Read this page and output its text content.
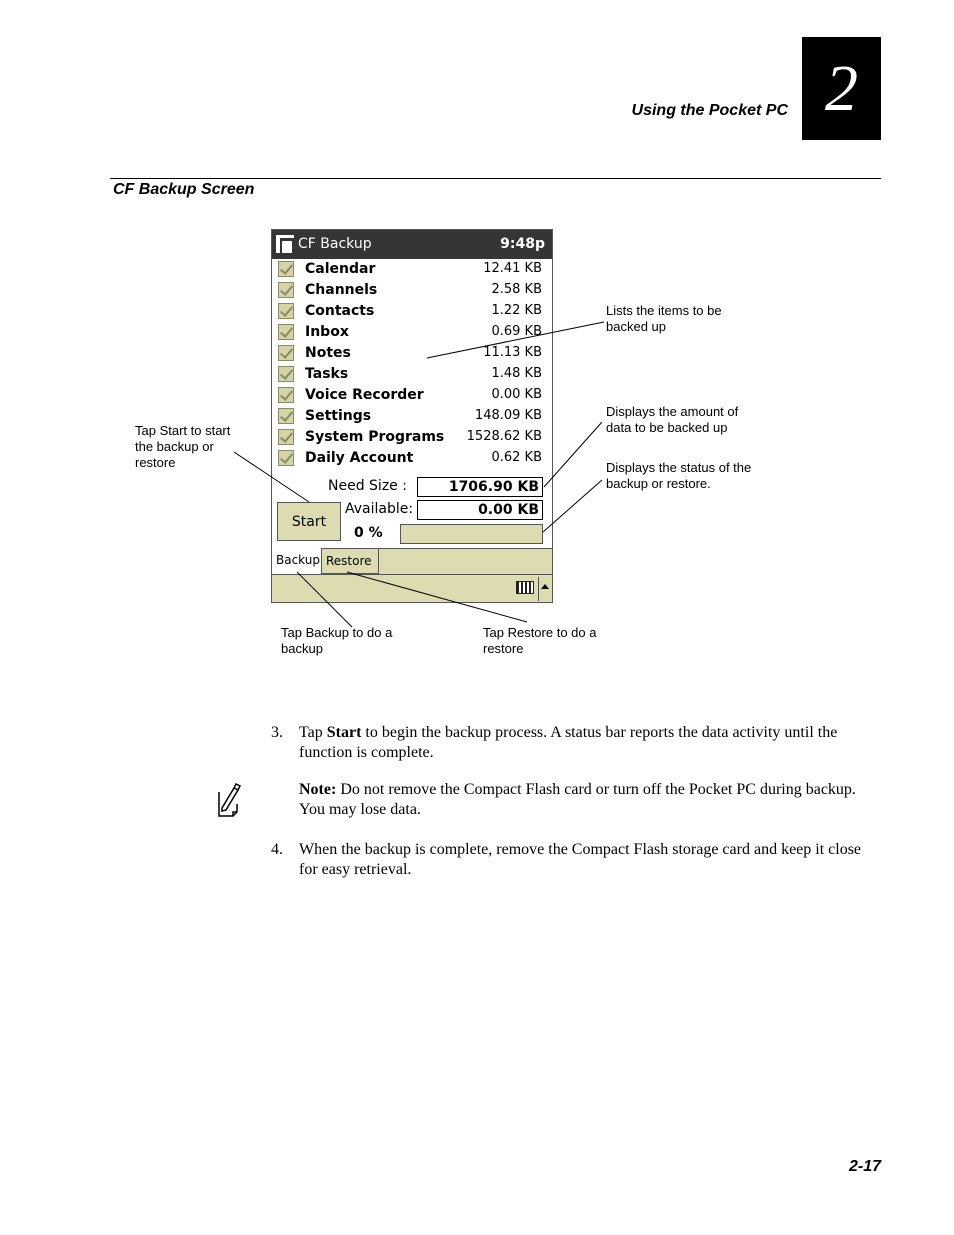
Using the Pocket PC 2
CF Backup Screen
CF Backup	9:48p
Calendar	12.41 KB
Channels	2.58 KB
Contacts	1.22 KB
Inbox	0.69 KB
Notes	11.13 KB
Tasks	1.48 KB
Voice Recorder	0.00 KB
Settings	148.09 KB
System Programs 1528.62 KB
Daily Account	0.62 KB
Need Size :	1706.90 KB
Start
Available:	0.00 KB
0 %
Backup Restore
Lists the items to be backed up
Displays the amount of data to be backed up
Displays the status of the backup or restore.
Tap Start to start the backup or restore
Tap Backup to do a backup
Tap Restore to do a restore
3. Tap Start to begin the backup process. A status bar reports the data activity until the function is complete.
Note: Do not remove the Compact Flash card or turn off the Pocket PC during backup. You may lose data.
4. When the backup is complete, remove the Compact Flash storage card and keep it close for easy retrieval.
2-17
